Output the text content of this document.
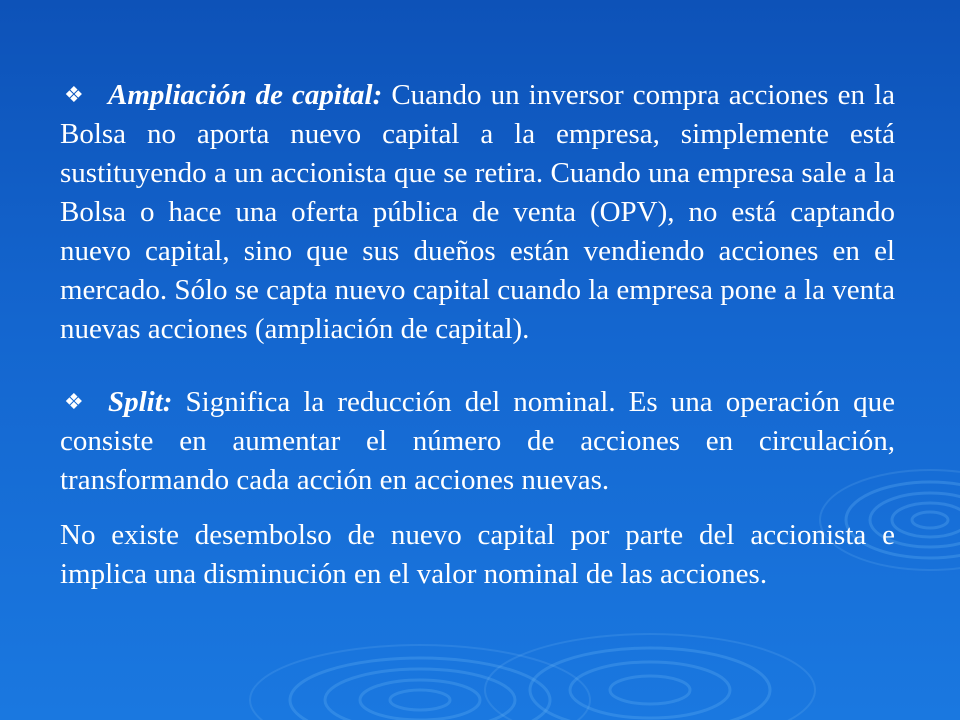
❖ Ampliación de capital: Cuando un inversor compra acciones en la Bolsa no aporta nuevo capital a la empresa, simplemente está sustituyendo a un accionista que se retira. Cuando una empresa sale a la Bolsa o hace una oferta pública de venta (OPV), no está captando nuevo capital, sino que sus dueños están vendiendo acciones en el mercado. Sólo se capta nuevo capital cuando la empresa pone a la venta nuevas acciones (ampliación de capital).

❖ Split: Significa la reducción del nominal. Es una operación que consiste en aumentar el número de acciones en circulación, transformando cada acción en acciones nuevas.

No existe desembolso de nuevo capital por parte del accionista e implica una disminución en el valor nominal de las acciones.
